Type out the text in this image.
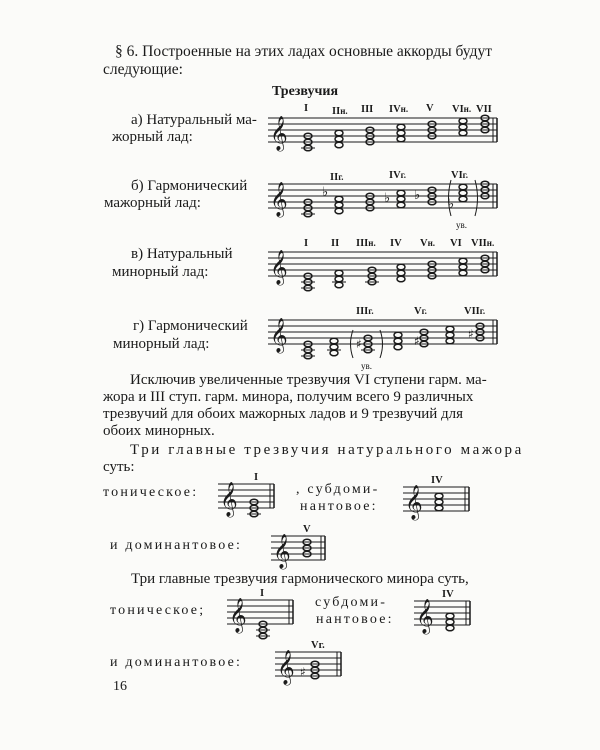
§ 6. Построенные на этих ладах основные аккорды будут
следующие:
Трезвучия
а) Натуральный ма-
жорный лад:	𝄞
I IIн. III IVн. V VIн. VII
б) Гармонический
мажорный лад: 𝄞	♭	♭ ♭
♭
IIг.	IVг.	VIг.
ув.
в) Натуральный
минорный лад: 𝄞
I II IIIн. IV Vн. VI VIIн.
г) Гармонический
минорный лад: 𝄞	♯	♯	♯
IIIг.	Vг.	VIIг.
ув.
Исключив увеличенные трезвучия VI ступени гарм. ма-
жора и III ступ. гарм. минора, получим всего 9 различных
трезвучий для обоих мажорных ладов и 9 трезвучий для
обоих минорных.
Три главные трезвучия натурального мажора
суть:
тоническое:	, субдоми-
нантовое:
и доминантовое:
𝄞
I
𝄞
IV
𝄞
V
Три главные трезвучия гармонического минора суть,
тоническое;
субдоми-
нантовое:
и доминантовое:
𝄞
I
𝄞
IV
𝄞 ♯
Vг.
16
